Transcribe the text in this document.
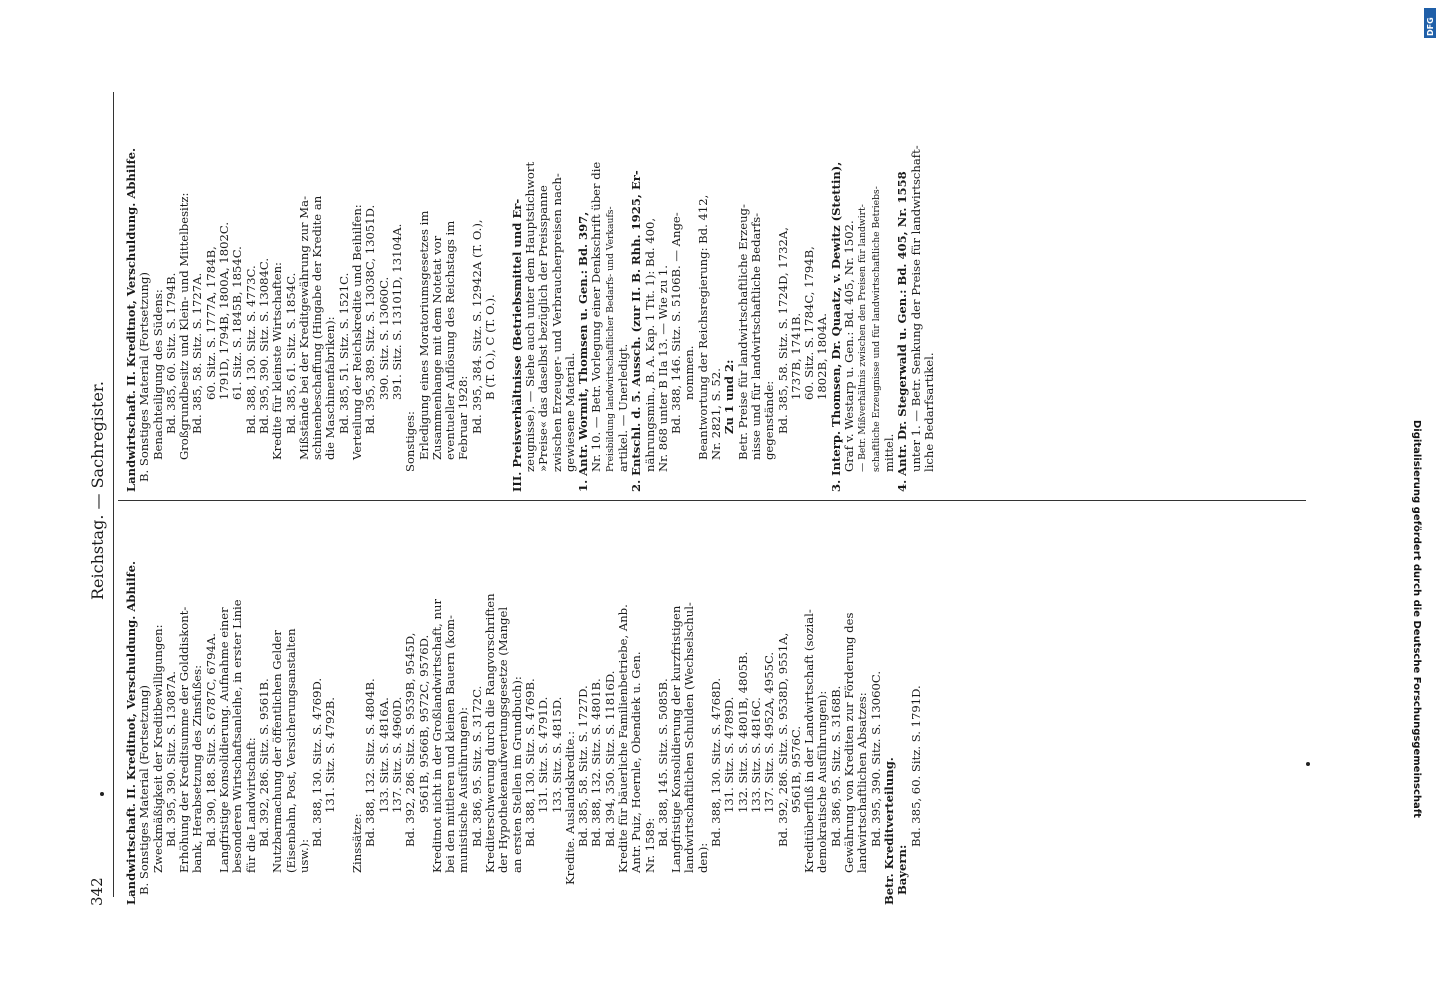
342
Reichstag. — Sachregister.
Landwirtschaft. II. Kreditnot, Verschuldung. Abhilfe. B. Sonstiges Material (Fortsetzung) Zweckmäßigkeit der Kreditbewilligungen: Bd. 395, 390. Sitz. S. 13087A. Erhöhung der Kreditsumme der Golddiskont- bank, Herabsetzung des Zinsfußes: Bd. 390, 188. Sitz. S. 6787C, 6794A. Langfristige Konsolidierung. Aufnahme einer besonderen Wirtschaftsanleihe, in erster Linie für die Landwirtschaft: Bd. 392, 286. Sitz. S. 9561B. Nutzbarmachung der öffentlichen Gelder (Eisenbahn, Post, Versicherungsanstalten usw.):
Bd. 388, 130. Sitz. S. 4769D. 131. Sitz. S. 4792B.
Zinssätze: Bd. 388, 132. Sitz. S. 4804B. 133. Sitz. S. 4816A. 137. Sitz. S. 4960D. Bd. 392, 286. Sitz. S. 9539B, 9545D, 9561B, 9566B, 9572C, 9576D. Kreditnot nicht in der Großlandwirtschaft, nur bei den mittleren und kleinen Bauern (kom- munistische Ausführungen): Bd. 386, 95. Sitz. S. 3172C. Krediterschwerung durch die Rangvorschriften der Hypothekenaufwertungsgesetze (Mangel an ersten Stellen im Grundbuch): Bd. 388, 130. Sitz. S. 4769B. 131. Sitz. S. 4791D. 133. Sitz. S. 4815D. Kredite. Auslandskredite.: Bd. 385, 58. Sitz. S. 1727D. Bd. 388, 132. Sitz. S. 4801B. Bd. 394, 350. Sitz. S. 11816D. Kredite für bäuerliche Familienbetriebe, Anb. Antr. Puiz, Hoernle, Obendiek u. Gen. Nr. 1589: Bd. 388, 145. Sitz. S. 5085B. Langfristige Konsolidierung der kurzfristigen landwirtschaftlichen Schulden (Wechselschul- den):
Bd. 388, 130. Sitz. S. 4768D. 131. Sitz. S. 4789D. 132. Sitz. S. 4801B, 4805B. 133. Sitz. S. 4816C. 137. Sitz. S. 4952A, 4955C. Bd. 392, 286. Sitz. S. 9538D, 9551A, 9561B, 9576C. Kreditüberfluß in der Landwirtschaft (sozial- demokratische Ausführungen): Bd. 386, 95. Sitz. S. 3168B. Gewährung von Krediten zur Förderung des landwirtschaftlichen Absatzes: Bd. 395, 390. Sitz. S. 13060C. Betr. Kreditverteilung. Bayern:
Bd. 385, 60. Sitz. S. 1791D.
Landwirtschaft. II. Kreditnot, Verschuldung. Abhilfe. B. Sonstiges Material (Fortsetzung) Benachteiligung des Südens: Bd. 385, 60. Sitz. S. 1794B. Großgrundbesitz und Klein- und Mittelbesitz: Bd. 385, 58. Sitz. S. 1727A. 60. Sitz. S. 1777A, 1784B, 1791D, 1794B, 1800A, 1802C. 61. Sitz. S. 1845B, 1854C. Bd. 388, 130. Sitz. S. 4773C. Bd. 395, 390. Sitz. S. 13084C. Kredite für kleinste Wirtschaften: Bd. 385, 61. Sitz. S. 1854C. Mißstände bei der Kreditgewährung zur Ma- schinenbeschaffung (Hingabe der Kredite an die Maschinenfabriken): Bd. 385, 51. Sitz. S. 1521C. Verteilung der Reichskredite und Beihilfen: Bd. 395, 389. Sitz. S. 13038C, 13051D. 390. Sitz. S. 13060C. 391. Sitz. S. 13101D, 13104A.
Sonstiges: Erledigung eines Moratoriumsgesetzes im Zusammenhange mit dem Notetat vor eventueller Auflösung des Reichstags im Februar 1928: Bd. 395, 384. Sitz. S. 12942A (T. O.), B (T. O.), C (T. O.). III. Preisverhältnisse (Betriebsmittel und Er- zeugnisse). — Siehe auch unter dem Hauptstichwort »Preise« das daselbst bezüglich der Preisspanne zwischen Erzeuger- und Verbraucherpreisen nach- gewiesene Material. 1. Antr. Wormit, Thomsen u. Gen.: Bd. 397, Nr. 10. — Betr. Vorlegung einer Denkschrift über die Preisbildung landwirtschaftlicher Bedarfs- und Verkaufs- artikel. — Unerledigt. 2. Entschl. d. 5. Aussch. (zur II. B. Rhh. 1925, Er- nährungsmin., B. A. Kap. 1 Tit. 1): Bd. 400, Nr. 868 unter B IIa 13. — Wie zu 1. Bd. 388, 146. Sitz. S. 5106B. — Ange- nommen. Beantwortung der Reichsregierung: Bd. 412, Nr. 2821, S. 52. Zu 1 und 2: Betr. Preise für landwirtschaftliche Erzeug- nisse und für landwirtschaftliche Bedarfs- gegenstände: Bd. 385, 58. Sitz. S. 1724D, 1732A, 1737B, 1741B. 60. Sitz. S. 1784C, 1794B, 1802B, 1804A. 3. Interp. Thomsen, Dr. Quaatz, v. Dewitz (Stettin), Graf v. Westarp u. Gen.: Bd. 405, Nr. 1502. — Betr. Mißverhältnis zwischen den Preisen für landwirt- schaftliche Erzeugnisse und für landwirtschaftliche Betriebs- mittel. 4. Antr. Dr. Stegerwald u. Gen.: Bd. 405, Nr. 1558 unter 1. — Betr. Senkung der Preise für landwirtschaft- liche Bedarfsartikel.
Digitalisierung gefördert durch die Deutsche Forschungsgemeinschaft
DFG
